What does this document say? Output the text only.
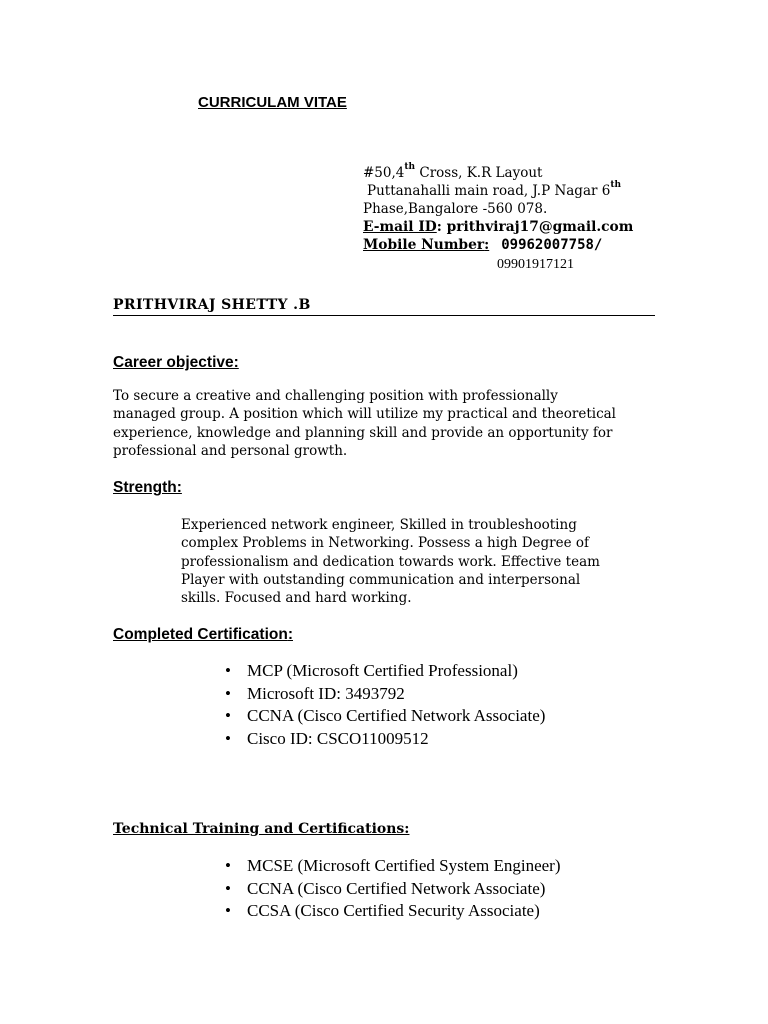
CURRICULAM VITAE
#50,4th Cross, K.R Layout
Puttanahalli main road, J.P Nagar 6th
Phase,Bangalore -560 078.
E-mail ID: prithviraj17@gmail.com
Mobile Number: 09962007758/
09901917121
PRITHVIRAJ SHETTY .B
Career objective:
To secure a creative and challenging position with professionally
managed group. A position which will utilize my practical and theoretical
experience, knowledge and planning skill and provide an opportunity for
professional and personal growth.
Strength:
Experienced network engineer, Skilled in troubleshooting
complex Problems in Networking. Possess a high Degree of
professionalism and dedication towards work. Effective team
Player with outstanding communication and interpersonal
skills. Focused and hard working.
Completed Certification:
• MCP (Microsoft Certified Professional)
• Microsoft ID: 3493792
• CCNA (Cisco Certified Network Associate)
• Cisco ID: CSCO11009512
Technical Training and Certifications:
• MCSE (Microsoft Certified System Engineer)
• CCNA (Cisco Certified Network Associate)
• CCSA (Cisco Certified Security Associate)
